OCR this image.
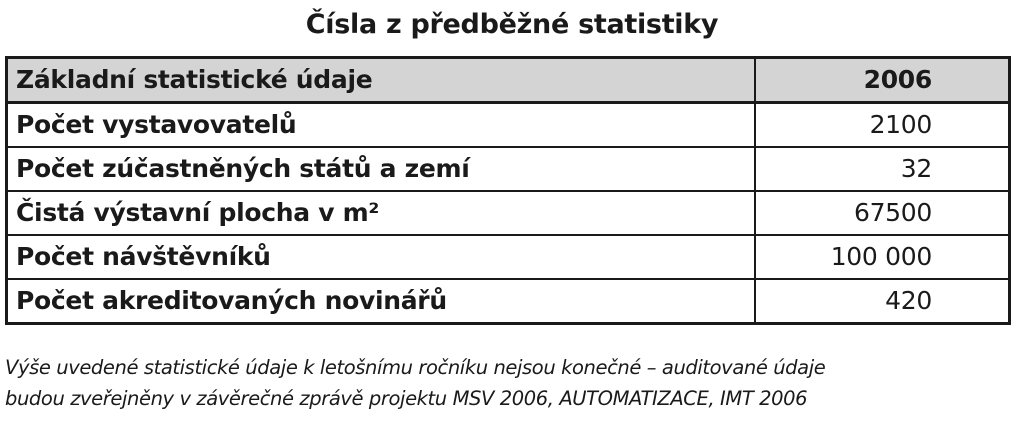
Čísla z předběžné statistiky
Základní statistické údaje	2006
Počet vystavovatelů	2100
Počet zúčastněných států a zemí	32
Čistá výstavní plocha v m²	67500
Počet návštěvníků	100 000
Počet akreditovaných novinářů	420
Výše uvedené statistické údaje k letošnímu ročníku nejsou konečné – auditované údaje
budou zveřejněny v závěrečné zprávě projektu MSV 2006, AUTOMATIZACE, IMT 2006
